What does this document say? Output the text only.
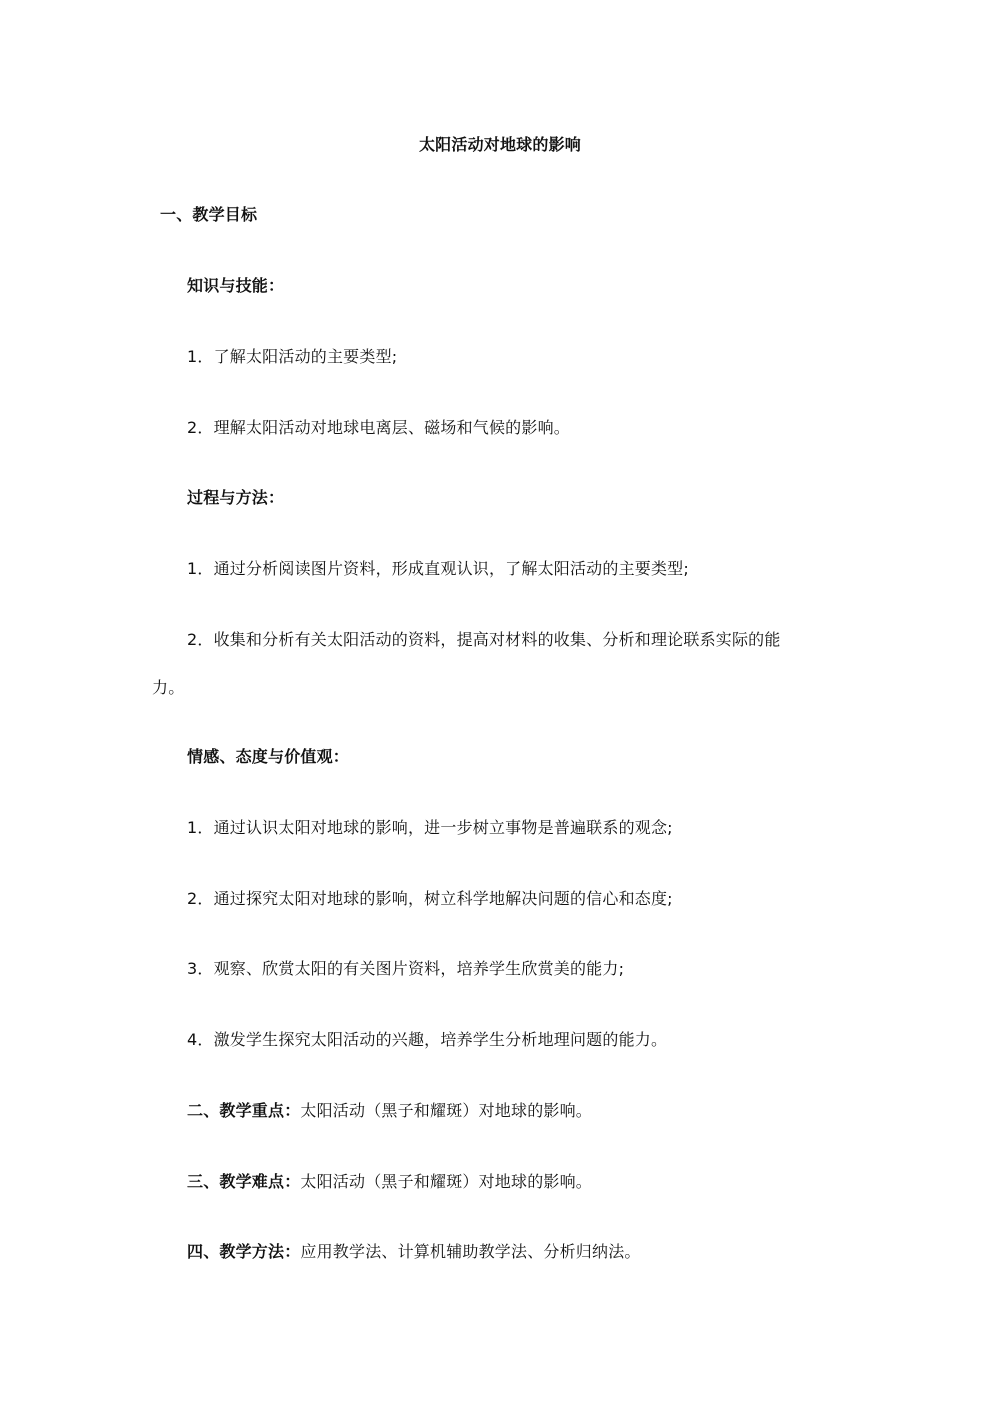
太阳活动对地球的影响
一、教学目标
知识与技能：
1．了解太阳活动的主要类型;
2．理解太阳活动对地球电离层、磁场和气候的影响。
过程与方法：
1．通过分析阅读图片资料，形成直观认识，了解太阳活动的主要类型;
2．收集和分析有关太阳活动的资料，提高对材料的收集、分析和理论联系实际的能
力。
情感、态度与价值观：
1．通过认识太阳对地球的影响，进一步树立事物是普遍联系的观念;
2．通过探究太阳对地球的影响，树立科学地解决问题的信心和态度;
3．观察、欣赏太阳的有关图片资料，培养学生欣赏美的能力;
4．激发学生探究太阳活动的兴趣，培养学生分析地理问题的能力。
二、教学重点：太阳活动（黑子和耀斑）对地球的影响。
三、教学难点：太阳活动（黑子和耀斑）对地球的影响。
四、教学方法：应用教学法、计算机辅助教学法、分析归纳法。
